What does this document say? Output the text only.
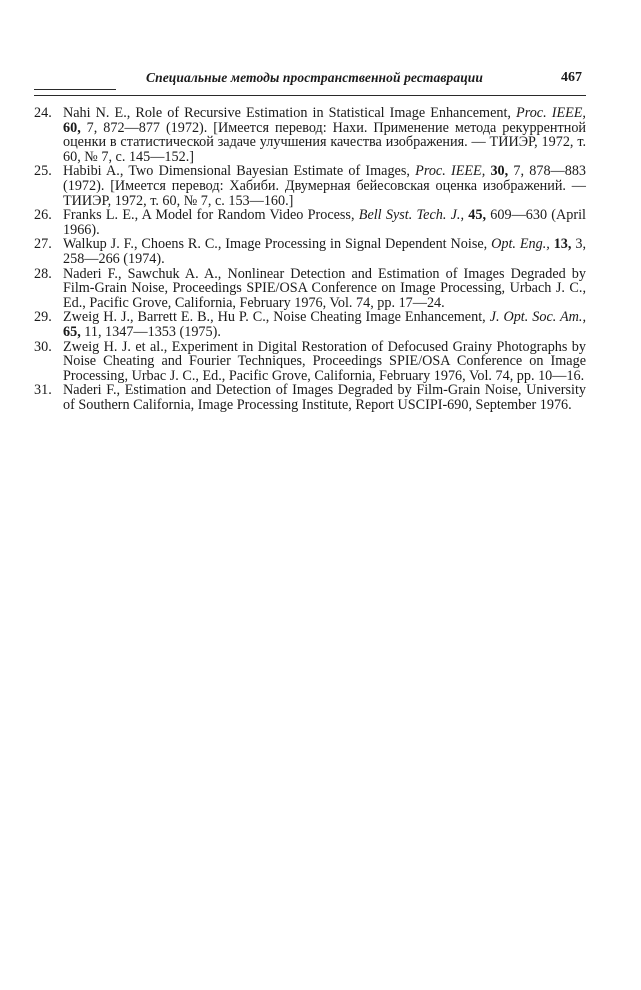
Специальные методы пространственной реставрации	467
24. Nahi N. E., Role of Recursive Estimation in Statistical Image Enhancement, Proc. IEEE, 60, 7, 872—877 (1972). [Имеется перевод: Нахи. Применение метода рекуррентной оценки в статистической задаче улучшения качества изображения. — ТИИЭР, 1972, т. 60, № 7, с. 145—152.]
25. Habibi A., Two Dimensional Bayesian Estimate of Images, Proc. IEEE, 30, 7, 878—883 (1972). [Имеется перевод: Хабиби. Двумерная бейесовская оценка изображений. — ТИИЭР, 1972, т. 60, № 7, с. 153—160.]
26. Franks L. E., A Model for Random Video Process, Bell Syst. Tech. J., 45, 609—630 (April 1966).
27. Walkup J. F., Choens R. C., Image Processing in Signal Dependent Noise, Opt. Eng., 13, 3, 258—266 (1974).
28. Naderi F., Sawchuk A. A., Nonlinear Detection and Estimation of Images Degraded by Film-Grain Noise, Proceedings SPIE/OSA Conference on Image Processing, Urbach J. C., Ed., Pacific Grove, California, February 1976, Vol. 74, pp. 17—24.
29. Zweig H. J., Barrett E. B., Hu P. C., Noise Cheating Image Enhancement, J. Opt. Soc. Am., 65, 11, 1347—1353 (1975).
30. Zweig H. J. et al., Experiment in Digital Restoration of Defocused Grainy Photographs by Noise Cheating and Fourier Techniques, Proceedings SPIE/OSA Conference on Image Processing, Urbac J. C., Ed., Pacific Grove, California, February 1976, Vol. 74, pp. 10—16.
31. Naderi F., Estimation and Detection of Images Degraded by Film-Grain Noise, University of Southern California, Image Processing Institute, Report USCIPI-690, September 1976.
